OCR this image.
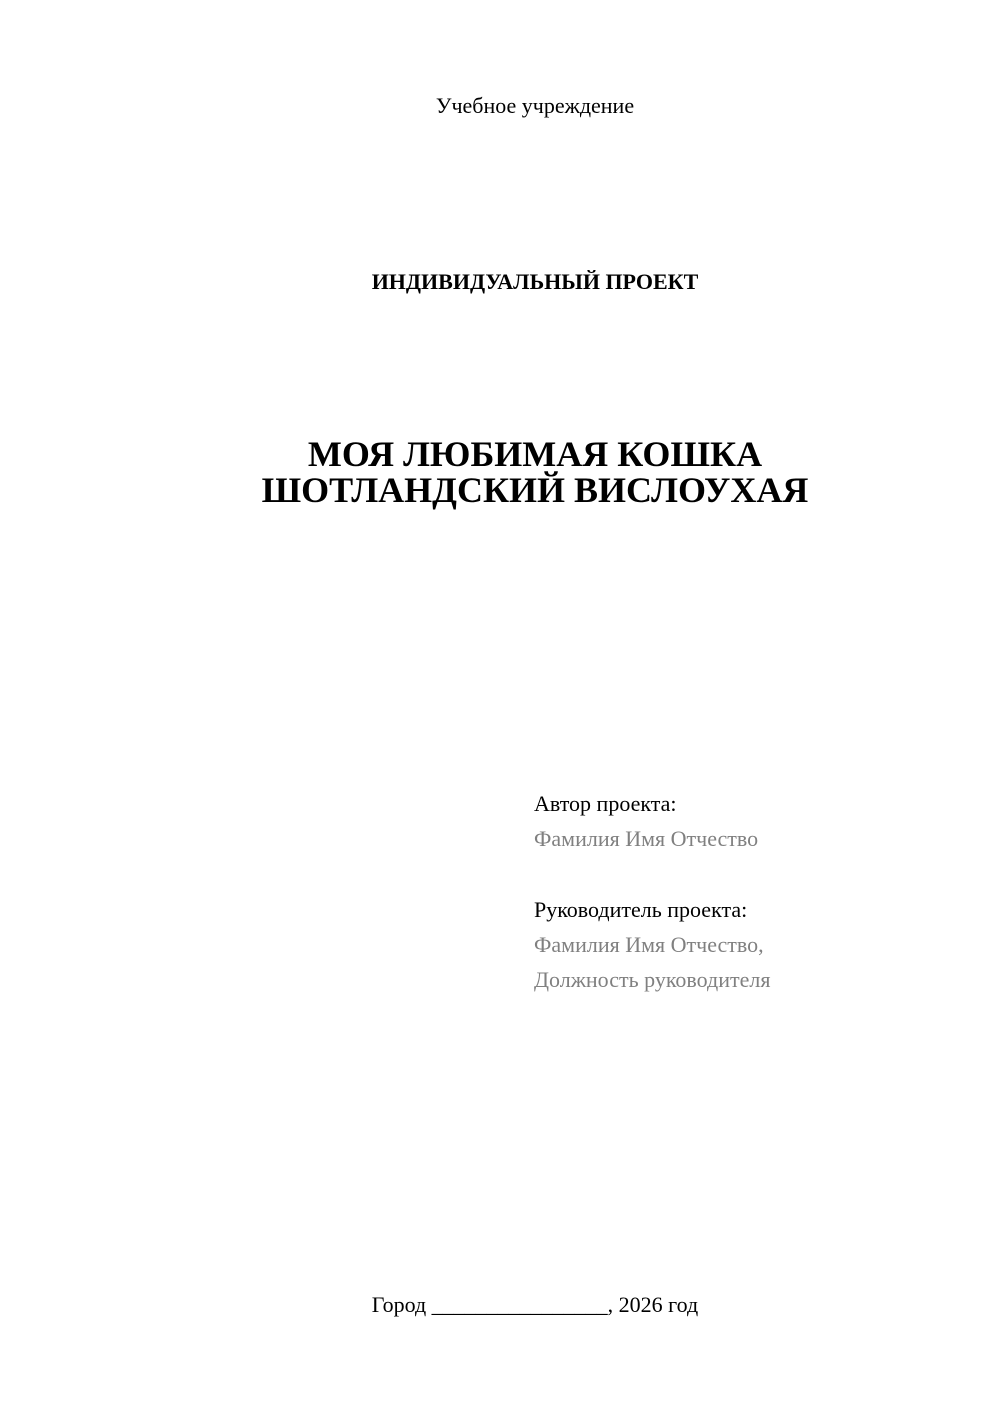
Учебное учреждение
ИНДИВИДУАЛЬНЫЙ ПРОЕКТ
МОЯ ЛЮБИМАЯ КОШКА
ШОТЛАНДСКИЙ ВИСЛОУХАЯ
Автор проекта:
Фамилия Имя Отчество
Руководитель проекта:
Фамилия Имя Отчество,
Должность руководителя
Город ________________, 2026 год
